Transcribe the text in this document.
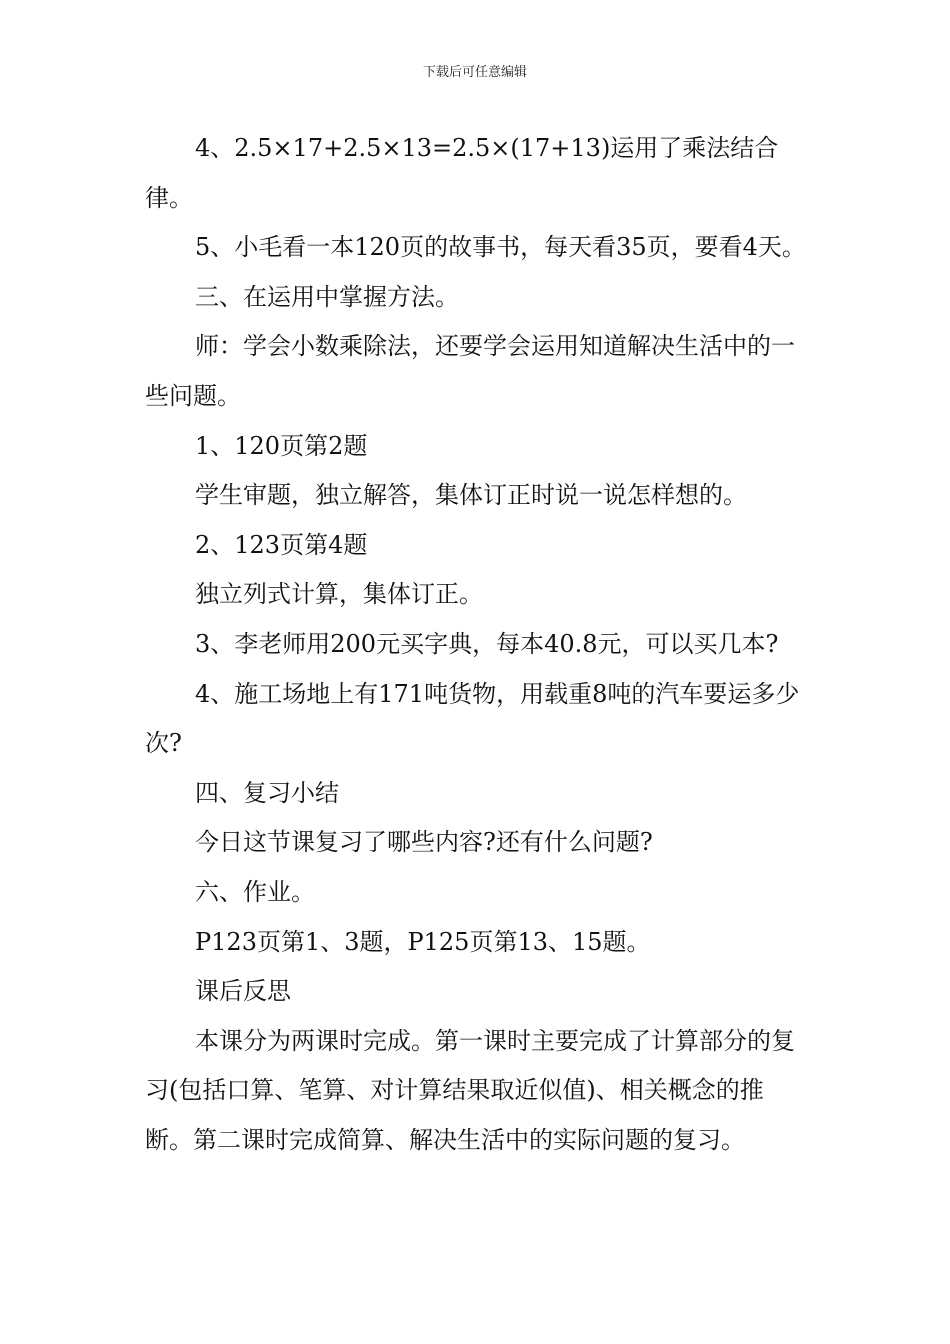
下载后可任意编辑

4、2.5×17+2.5×13=2.5×(17+13)运用了乘法结合律。

5、小毛看一本120页的故事书，每天看35页，要看4天。

三、在运用中掌握方法。

师：学会小数乘除法，还要学会运用知道解决生活中的一些问题。

1、120页第2题

学生审题，独立解答，集体订正时说一说怎样想的。

2、123页第4题

独立列式计算，集体订正。

3、李老师用200元买字典，每本40.8元，可以买几本?

4、施工场地上有171吨货物，用载重8吨的汽车要运多少次?

四、复习小结

今日这节课复习了哪些内容?还有什么问题?

六、作业。

P123页第1、3题，P125页第13、15题。

课后反思

本课分为两课时完成。第一课时主要完成了计算部分的复习(包括口算、笔算、对计算结果取近似值)、相关概念的推断。第二课时完成简算、解决生活中的实际问题的复习。
